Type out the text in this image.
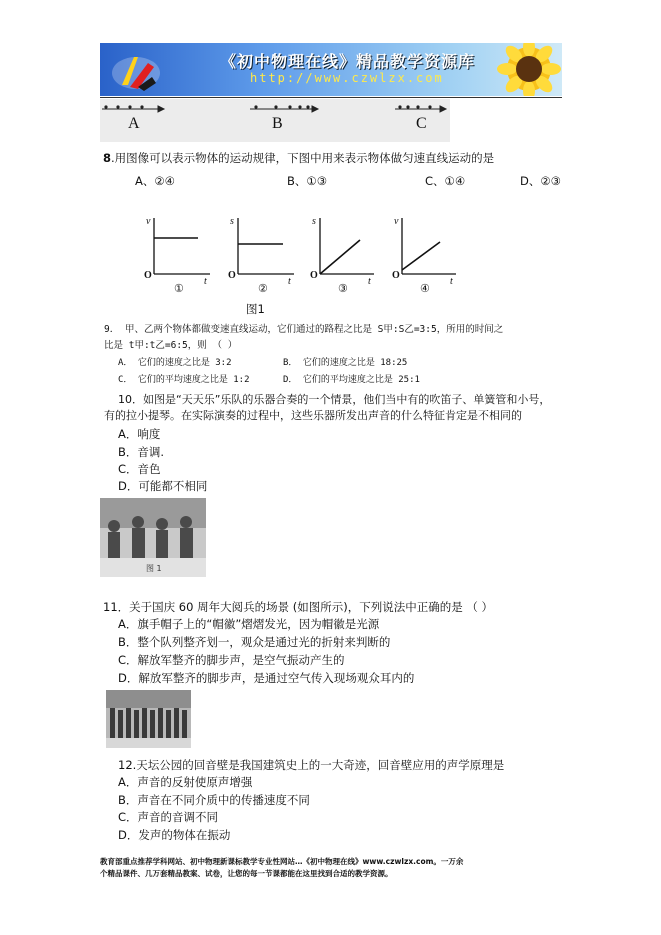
《初中物理在线》精品教学资源库
http://www.czwlzx.com
A	B	C
8.用图像可以表示物体的运动规律，下图中用来表示物体做匀速直线运动的是
A、②④	B、①③	C、①④	D、②③
v
t
s
t
s
t
v
t
O	O	O	O
①	②	③	④
图1
9． 甲、乙两个物体都做变速直线运动，它们通过的路程之比是 S甲:S乙=3:5，所用的时间之
比是 t甲:t乙=6:5，则 （ ）
A． 它们的速度之比是 3:2	B． 它们的速度之比是 18:25
C． 它们的平均速度之比是 1:2	D． 它们的平均速度之比是 25:1
10．如图是“天天乐”乐队的乐器合奏的一个情景，他们当中有的吹笛子、单簧管和小号，
有的拉小提琴。在实际演奏的过程中，这些乐器所发出声音的什么特征肯定是不相同的
A．响度
B．音调.
C．音色
D．可能都不相同
图 1
11．关于国庆 60 周年大阅兵的场景 (如图所示)，下列说法中正确的是 （ ）
A．旗手帽子上的“帽徽”熠熠发光，因为帽徽是光源
B．整个队列整齐划一，观众是通过光的折射来判断的
C．解放军整齐的脚步声，是空气振动产生的
D．解放军整齐的脚步声，是通过空气传入现场观众耳内的
12.天坛公园的回音壁是我国建筑史上的一大奇迹，回音壁应用的声学原理是
A．声音的反射使原声增强
B．声音在不同介质中的传播速度不同
C．声音的音调不同
D．发声的物体在振动
教育部重点推荐学科网站、初中物理新课标教学专业性网站…《初中物理在线》www.czwlzx.com。一万余
个精品课件、几万套精品教案、试卷，让您的每一节课都能在这里找到合适的教学资源。
